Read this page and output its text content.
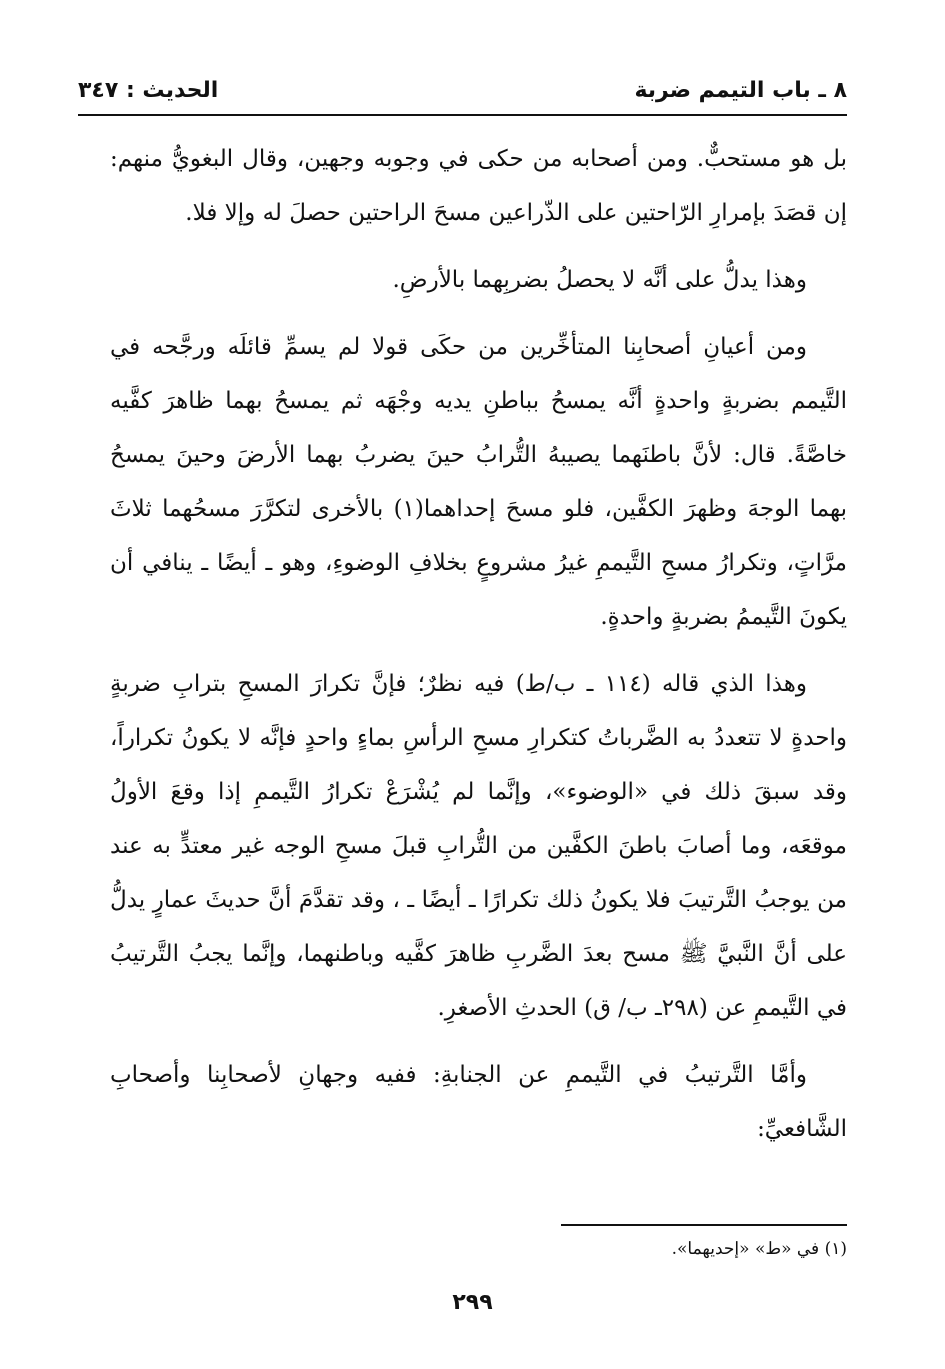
٨ ـ باب التيمم ضربة
الحديث : ٣٤٧

بل هو مستحبٌّ. ومن أصحابه من حكى في وجوبه وجهين، وقال البغويُّ منهم: إن قصَدَ بإمرارِ الرّاحتين على الذّراعين مسحَ الراحتين حصلَ له وإلا فلا.

وهذا يدلُّ على أنَّه لا يحصلُ بضربِهما بالأرضِ.

ومن أعيانِ أصحابِنا المتأخِّرين من حكَى قولا لم يسمِّ قائلَه ورجَّحه في التَّيمم بضربةٍ واحدةٍ أنَّه يمسحُ بباطنِ يديه وجْهَه ثم يمسحُ بهما ظاهرَ كفَّيه خاصَّةً. قال: لأنَّ باطنَهما يصيبهُ التُّرابُ حينَ يضربُ بهما الأرضَ وحينَ يمسحُ بهما الوجهَ وظهرَ الكفَّين، فلو مسحَ إحداهما(١) بالأخرى لتكرَّرَ مسحُهما ثلاثَ مرَّاتٍ، وتكرارُ مسحِ التَّيممِ غيرُ مشروعٍ بخلافِ الوضوءِ، وهو ـ أيضًا ـ ينافي أن يكونَ التَّيممُ بضربةٍ واحدةٍ.

وهذا الذي قاله (١١٤ ـ ب/ط) فيه نظرٌ؛ فإنَّ تكرارَ المسحِ بترابِ ضربةٍ واحدةٍ لا تتعددُ به الضَّرباتُ كتكرارِ مسحِ الرأسِ بماءٍ واحدٍ فإنَّه لا يكونُ تكراراً، وقد سبقَ ذلك في «الوضوء»، وإنَّما لم يُشْرَعْ تكرارُ التَّيممِ إذا وقعَ الأولُ موقعَه، وما أصابَ باطنَ الكفَّين من التُّرابِ قبلَ مسحِ الوجه غير معتدٍّ به عند من يوجبُ التَّرتيبَ فلا يكونُ ذلك تكرارًا ـ أيضًا ـ ، وقد تقدَّمَ أنَّ حديثَ عمارٍ يدلُّ على أنَّ النَّبيَّ ﷺ مسح بعدَ الضَّربِ ظاهرَ كفَّيه وباطنهما، وإنَّما يجبُ التَّرتيبُ في التَّيممِ عن (٢٩٨ـ ب/ ق) الحدثِ الأصغرِ.

وأمَّا التَّرتيبُ في التَّيممِ عن الجنابةِ: ففيه وجهانِ لأصحابِنا وأصحابِ الشَّافعيِّ:

(١) في «ط» «إحديهما».
٢٩٩
